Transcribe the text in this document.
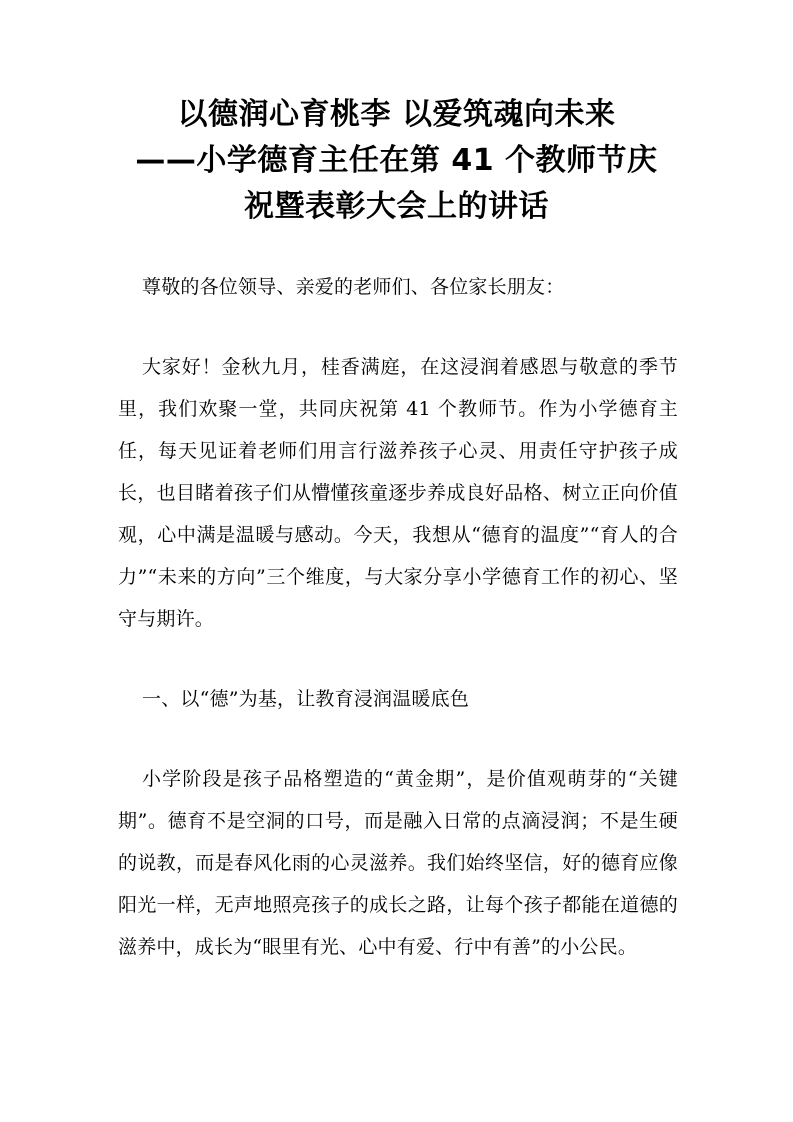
以德润心育桃李 以爱筑魂向未来
——小学德育主任在第 41 个教师节庆
祝暨表彰大会上的讲话
尊敬的各位领导、亲爱的老师们、各位家长朋友：
大家好！金秋九月，桂香满庭，在这浸润着感恩与敬意的季节里，我们欢聚一堂，共同庆祝第 41 个教师节。作为小学德育主任，每天见证着老师们用言行滋养孩子心灵、用责任守护孩子成长，也目睹着孩子们从懵懂孩童逐步养成良好品格、树立正向价值观，心中满是温暖与感动。今天，我想从“德育的温度”“育人的合力”“未来的方向”三个维度，与大家分享小学德育工作的初心、坚守与期许。
一、以“德”为基，让教育浸润温暖底色
小学阶段是孩子品格塑造的“黄金期”，是价值观萌芽的“关键期”。德育不是空洞的口号，而是融入日常的点滴浸润；不是生硬的说教，而是春风化雨的心灵滋养。我们始终坚信，好的德育应像阳光一样，无声地照亮孩子的成长之路，让每个孩子都能在道德的滋养中，成长为“眼里有光、心中有爱、行中有善”的小公民。
